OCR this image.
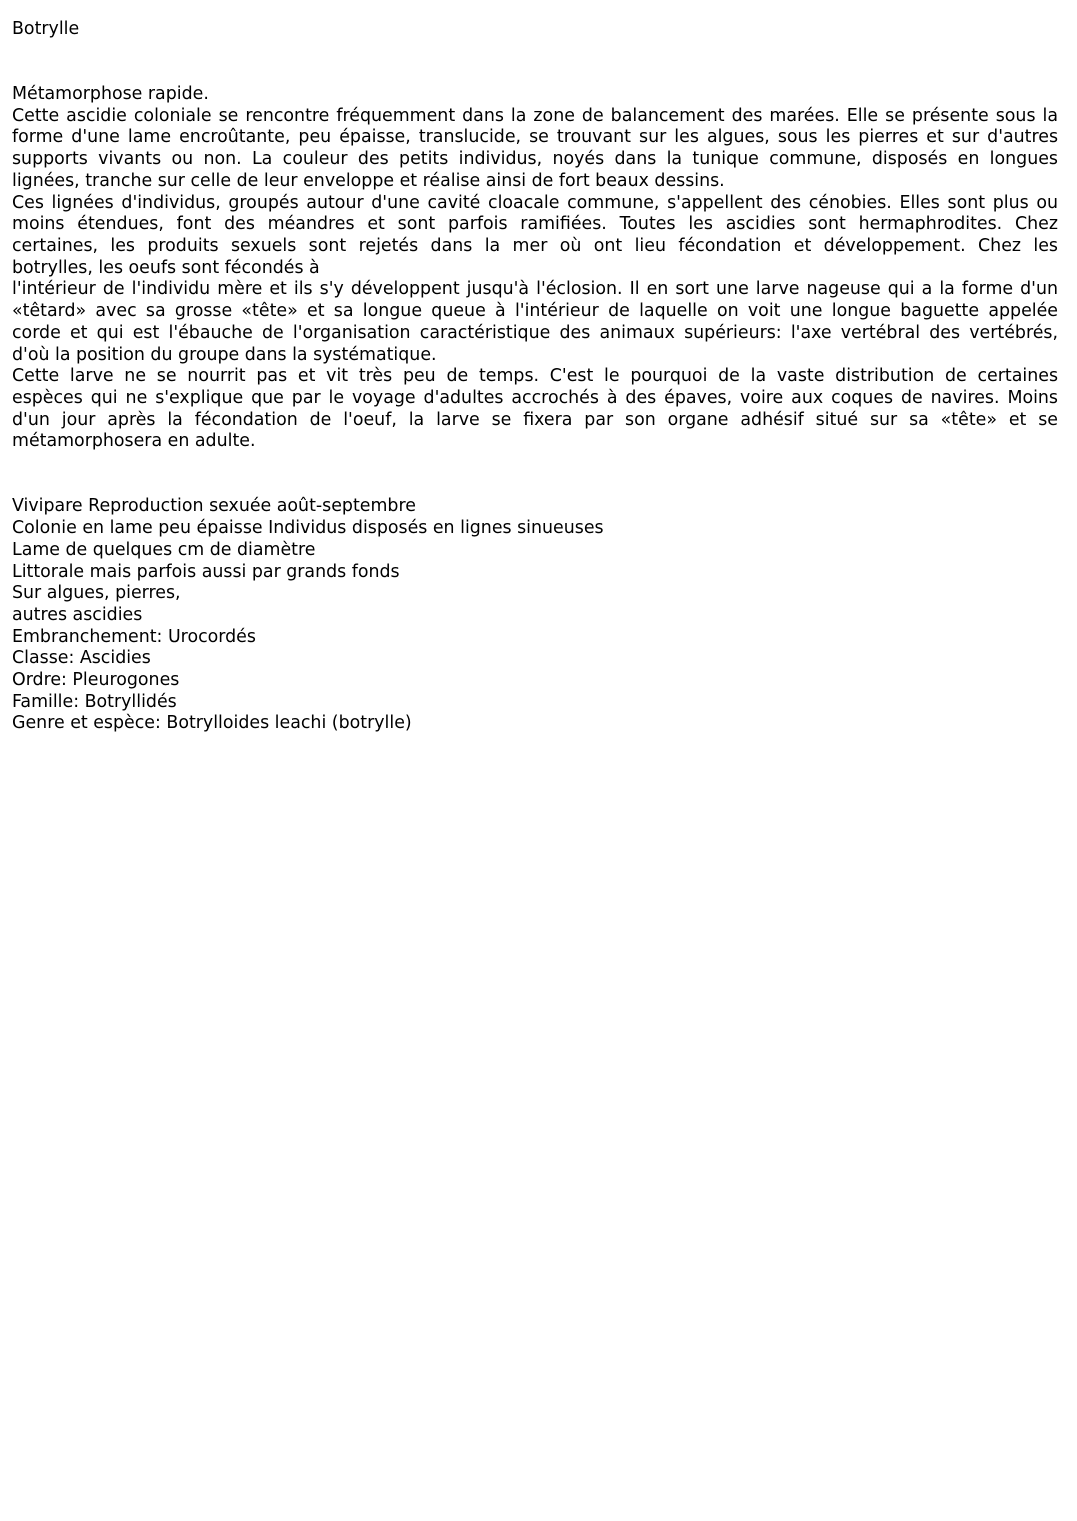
Botrylle
Métamorphose rapide.
Cette ascidie coloniale se rencontre fréquemment dans la zone de balancement des marées. Elle se présente sous la
forme d'une lame encroûtante, peu épaisse, translucide, se trouvant sur les algues, sous les pierres et sur d'autres
supports vivants ou non. La couleur des petits individus, noyés dans la tunique commune, disposés en longues
lignées, tranche sur celle de leur enveloppe et réalise ainsi de fort beaux dessins.
Ces lignées d'individus, groupés autour d'une cavité cloacale commune, s'appellent des cénobies. Elles sont plus ou
moins étendues, font des méandres et sont parfois ramifiées. Toutes les ascidies sont hermaphrodites. Chez
certaines, les produits sexuels sont rejetés dans la mer où ont lieu fécondation et développement. Chez les
botrylles, les oeufs sont fécondés à
l'intérieur de l'individu mère et ils s'y développent jusqu'à l'éclosion. Il en sort une larve nageuse qui a la forme d'un
«têtard» avec sa grosse «tête» et sa longue queue à l'intérieur de laquelle on voit une longue baguette appelée
corde et qui est l'ébauche de l'organisation caractéristique des animaux supérieurs: l'axe vertébral des vertébrés,
d'où la position du groupe dans la systématique.
Cette larve ne se nourrit pas et vit très peu de temps. C'est le pourquoi de la vaste distribution de certaines
espèces qui ne s'explique que par le voyage d'adultes accrochés à des épaves, voire aux coques de navires. Moins
d'un jour après la fécondation de l'oeuf, la larve se fixera par son organe adhésif situé sur sa «tête» et se
métamorphosera en adulte.
Vivipare Reproduction sexuée août-septembre
Colonie en lame peu épaisse Individus disposés en lignes sinueuses
Lame de quelques cm de diamètre
Littorale mais parfois aussi par grands fonds
Sur algues, pierres,
autres ascidies
Embranchement: Urocordés
Classe: Ascidies
Ordre: Pleurogones
Famille: Botryllidés
Genre et espèce: Botrylloides leachi (botrylle)
